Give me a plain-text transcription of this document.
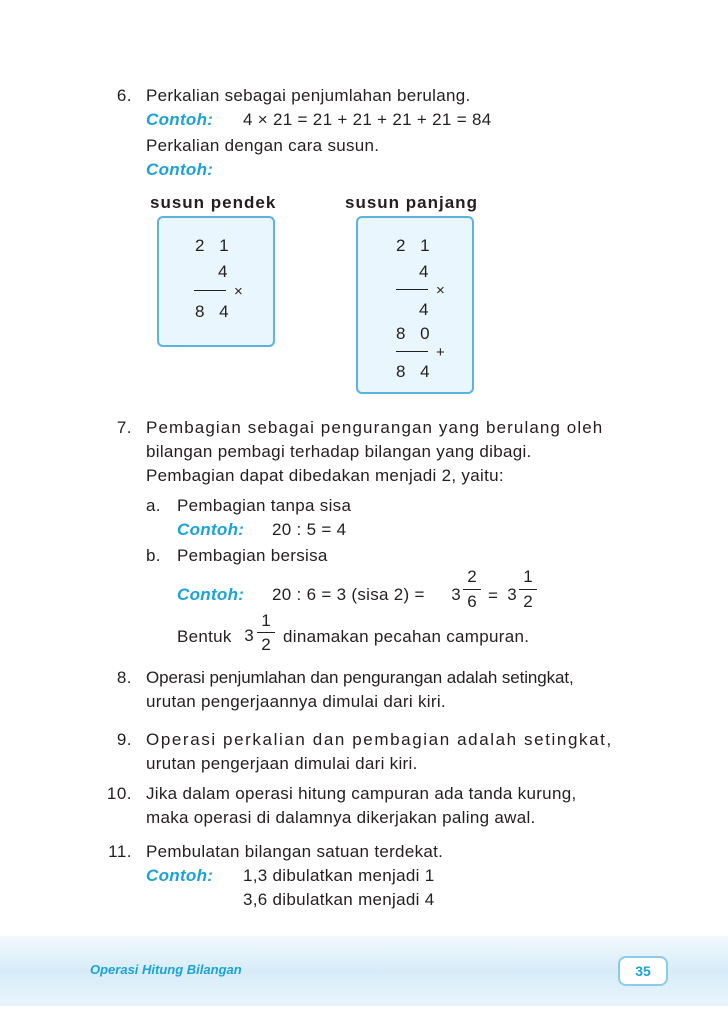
6. Perkalian sebagai penjumlahan berulang.
Contoh: 4 × 21 = 21 + 21 + 21 + 21 = 84
Perkalian dengan cara susun.
Contoh:
susun pendek	susun panjang
2 1
4
×
8 4
2 1
4
×
4
8 0
+
8 4
7. Pembagian sebagai pengurangan yang berulang oleh
bilangan pembagi terhadap bilangan yang dibagi.
Pembagian dapat dibedakan menjadi 2, yaitu:
a. Pembagian tanpa sisa
Contoh: 20 : 5 = 4
b. Pembagian bersisa
Contoh: 20 : 6 = 3 (sisa 2) = 3
2
6 = 3
1
2
Bentuk 3
1
2 dinamakan pecahan campuran.
8. Operasi penjumlahan dan pengurangan adalah setingkat,
urutan pengerjaannya dimulai dari kiri.
9. Operasi perkalian dan pembagian adalah setingkat,
urutan pengerjaan dimulai dari kiri.
10. Jika dalam operasi hitung campuran ada tanda kurung,
maka operasi di dalamnya dikerjakan paling awal.
11. Pembulatan bilangan satuan terdekat.
Contoh: 1,3 dibulatkan menjadi 1
3,6 dibulatkan menjadi 4
Operasi Hitung Bilangan	35
